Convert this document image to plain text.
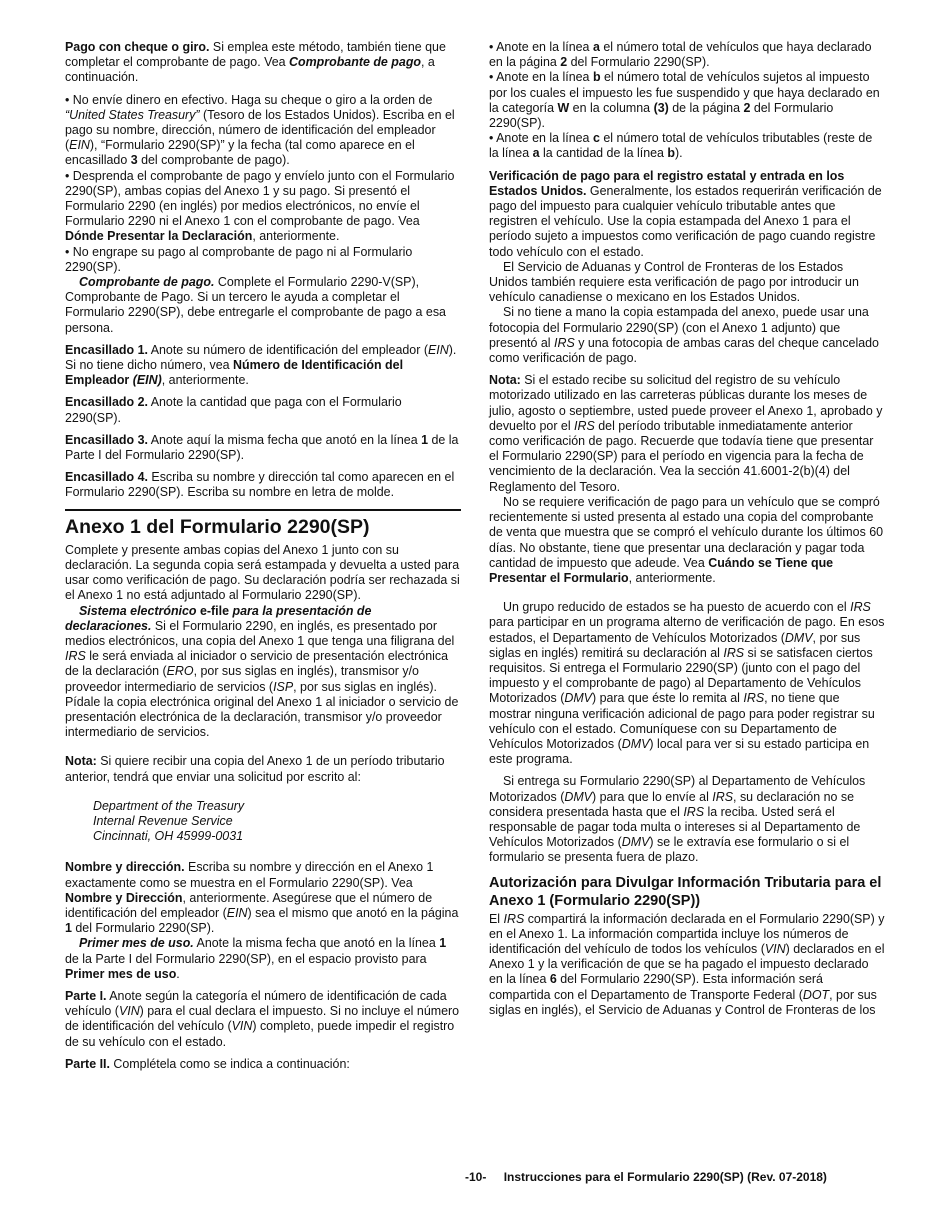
Pago con cheque o giro. Si emplea este método, también tiene que completar el comprobante de pago. Vea Comprobante de pago, a continuación.

• No envíe dinero en efectivo. Haga su cheque o giro a la orden de “United States Treasury” (Tesoro de los Estados Unidos). Escriba en el pago su nombre, dirección, número de identificación del empleador (EIN), “Formulario 2290(SP)” y la fecha (tal como aparece en el encasillado 3 del comprobante de pago).

• Desprenda el comprobante de pago y envíelo junto con el Formulario 2290(SP), ambas copias del Anexo 1 y su pago. Si presentó el Formulario 2290 (en inglés) por medios electrónicos, no envíe el Formulario 2290 ni el Anexo 1 con el comprobante de pago. Vea Dónde Presentar la Declaración, anteriormente.

• No engrape su pago al comprobante de pago ni al Formulario 2290(SP).

Comprobante de pago. Complete el Formulario 2290-V(SP), Comprobante de Pago. Si un tercero le ayuda a completar el Formulario 2290(SP), debe entregarle el comprobante de pago a esa persona.

Encasillado 1. Anote su número de identificación del empleador (EIN). Si no tiene dicho número, vea Número de Identificación del Empleador (EIN), anteriormente.

Encasillado 2. Anote la cantidad que paga con el Formulario 2290(SP).

Encasillado 3. Anote aquí la misma fecha que anotó en la línea 1 de la Parte I del Formulario 2290(SP).

Encasillado 4. Escriba su nombre y dirección tal como aparecen en el Formulario 2290(SP). Escriba su nombre en letra de molde.

Anexo 1 del Formulario 2290(SP)

Complete y presente ambas copias del Anexo 1 junto con su declaración. La segunda copia será estampada y devuelta a usted para usar como verificación de pago. Su declaración podría ser rechazada si el Anexo 1 no está adjuntado al Formulario 2290(SP).

Sistema electrónico e-file para la presentación de declaraciones. Si el Formulario 2290, en inglés, es presentado por medios electrónicos, una copia del Anexo 1 que tenga una filigrana del IRS le será enviada al iniciador o servicio de presentación electrónica de la declaración (ERO, por sus siglas en inglés), transmisor y/o proveedor intermediario de servicios (ISP, por sus siglas en inglés). Pídale la copia electrónica original del Anexo 1 al iniciador o servicio de presentación electrónica de la declaración, transmisor y/o proveedor intermediario de servicios.

Nota: Si quiere recibir una copia del Anexo 1 de un período tributario anterior, tendrá que enviar una solicitud por escrito al:

Department of the Treasury
Internal Revenue Service
Cincinnati, OH 45999-0031

Nombre y dirección. Escriba su nombre y dirección en el Anexo 1 exactamente como se muestra en el Formulario 2290(SP). Vea Nombre y Dirección, anteriormente. Asegúrese que el número de identificación del empleador (EIN) sea el mismo que anotó en la página 1 del Formulario 2290(SP).

Primer mes de uso. Anote la misma fecha que anotó en la línea 1 de la Parte I del Formulario 2290(SP), en el espacio provisto para Primer mes de uso.

Parte I. Anote según la categoría el número de identificación de cada vehículo (VIN) para el cual declara el impuesto. Si no incluye el número de identificación del vehículo (VIN) completo, puede impedir el registro de su vehículo con el estado.

Parte II. Complétela como se indica a continuación:

• Anote en la línea a el número total de vehículos que haya declarado en la página 2 del Formulario 2290(SP).

• Anote en la línea b el número total de vehículos sujetos al impuesto por los cuales el impuesto les fue suspendido y que haya declarado en la categoría W en la columna (3) de la página 2 del Formulario 2290(SP).

• Anote en la línea c el número total de vehículos tributables (reste de la línea a la cantidad de la línea b).

Verificación de pago para el registro estatal y entrada en los Estados Unidos. Generalmente, los estados requerirán verificación de pago del impuesto para cualquier vehículo tributable antes que registren el vehículo. Use la copia estampada del Anexo 1 para el período sujeto a impuestos como verificación de pago cuando registre todo vehículo con el estado.

El Servicio de Aduanas y Control de Fronteras de los Estados Unidos también requiere esta verificación de pago por introducir un vehículo canadiense o mexicano en los Estados Unidos.

Si no tiene a mano la copia estampada del anexo, puede usar una fotocopia del Formulario 2290(SP) (con el Anexo 1 adjunto) que presentó al IRS y una fotocopia de ambas caras del cheque cancelado como verificación de pago.

Nota: Si el estado recibe su solicitud del registro de su vehículo motorizado utilizado en las carreteras públicas durante los meses de julio, agosto o septiembre, usted puede proveer el Anexo 1, aprobado y devuelto por el IRS del período tributable inmediatamente anterior como verificación de pago. Recuerde que todavía tiene que presentar el Formulario 2290(SP) para el período en vigencia para la fecha de vencimiento de la declaración. Vea la sección 41.6001-2(b)(4) del Reglamento del Tesoro.

No se requiere verificación de pago para un vehículo que se compró recientemente si usted presenta al estado una copia del comprobante de venta que muestra que se compró el vehículo durante los últimos 60 días. No obstante, tiene que presentar una declaración y pagar toda cantidad de impuesto que adeude. Vea Cuándo se Tiene que Presentar el Formulario, anteriormente.

Un grupo reducido de estados se ha puesto de acuerdo con el IRS para participar en un programa alterno de verificación de pago. En esos estados, el Departamento de Vehículos Motorizados (DMV, por sus siglas en inglés) remitirá su declaración al IRS si se satisfacen ciertos requisitos. Si entrega el Formulario 2290(SP) (junto con el pago del impuesto y el comprobante de pago) al Departamento de Vehículos Motorizados (DMV) para que éste lo remita al IRS, no tiene que mostrar ninguna verificación adicional de pago para poder registrar su vehículo con el estado. Comuníquese con su Departamento de Vehículos Motorizados (DMV) local para ver si su estado participa en este programa.

Si entrega su Formulario 2290(SP) al Departamento de Vehículos Motorizados (DMV) para que lo envíe al IRS, su declaración no se considera presentada hasta que el IRS la reciba. Usted será el responsable de pagar toda multa o intereses si al Departamento de Vehículos Motorizados (DMV) se le extravía ese formulario o si el formulario se presenta fuera de plazo.

Autorización para Divulgar Información Tributaria para el Anexo 1 (Formulario 2290(SP))

El IRS compartirá la información declarada en el Formulario 2290(SP) y en el Anexo 1. La información compartida incluye los números de identificación del vehículo de todos los vehículos (VIN) declarados en el Anexo 1 y la verificación de que se ha pagado el impuesto declarado en la línea 6 del Formulario 2290(SP). Esta información será compartida con el Departamento de Transporte Federal (DOT, por sus siglas en inglés), el Servicio de Aduanas y Control de Fronteras de los

-10- Instrucciones para el Formulario 2290(SP) (Rev. 07-2018)
